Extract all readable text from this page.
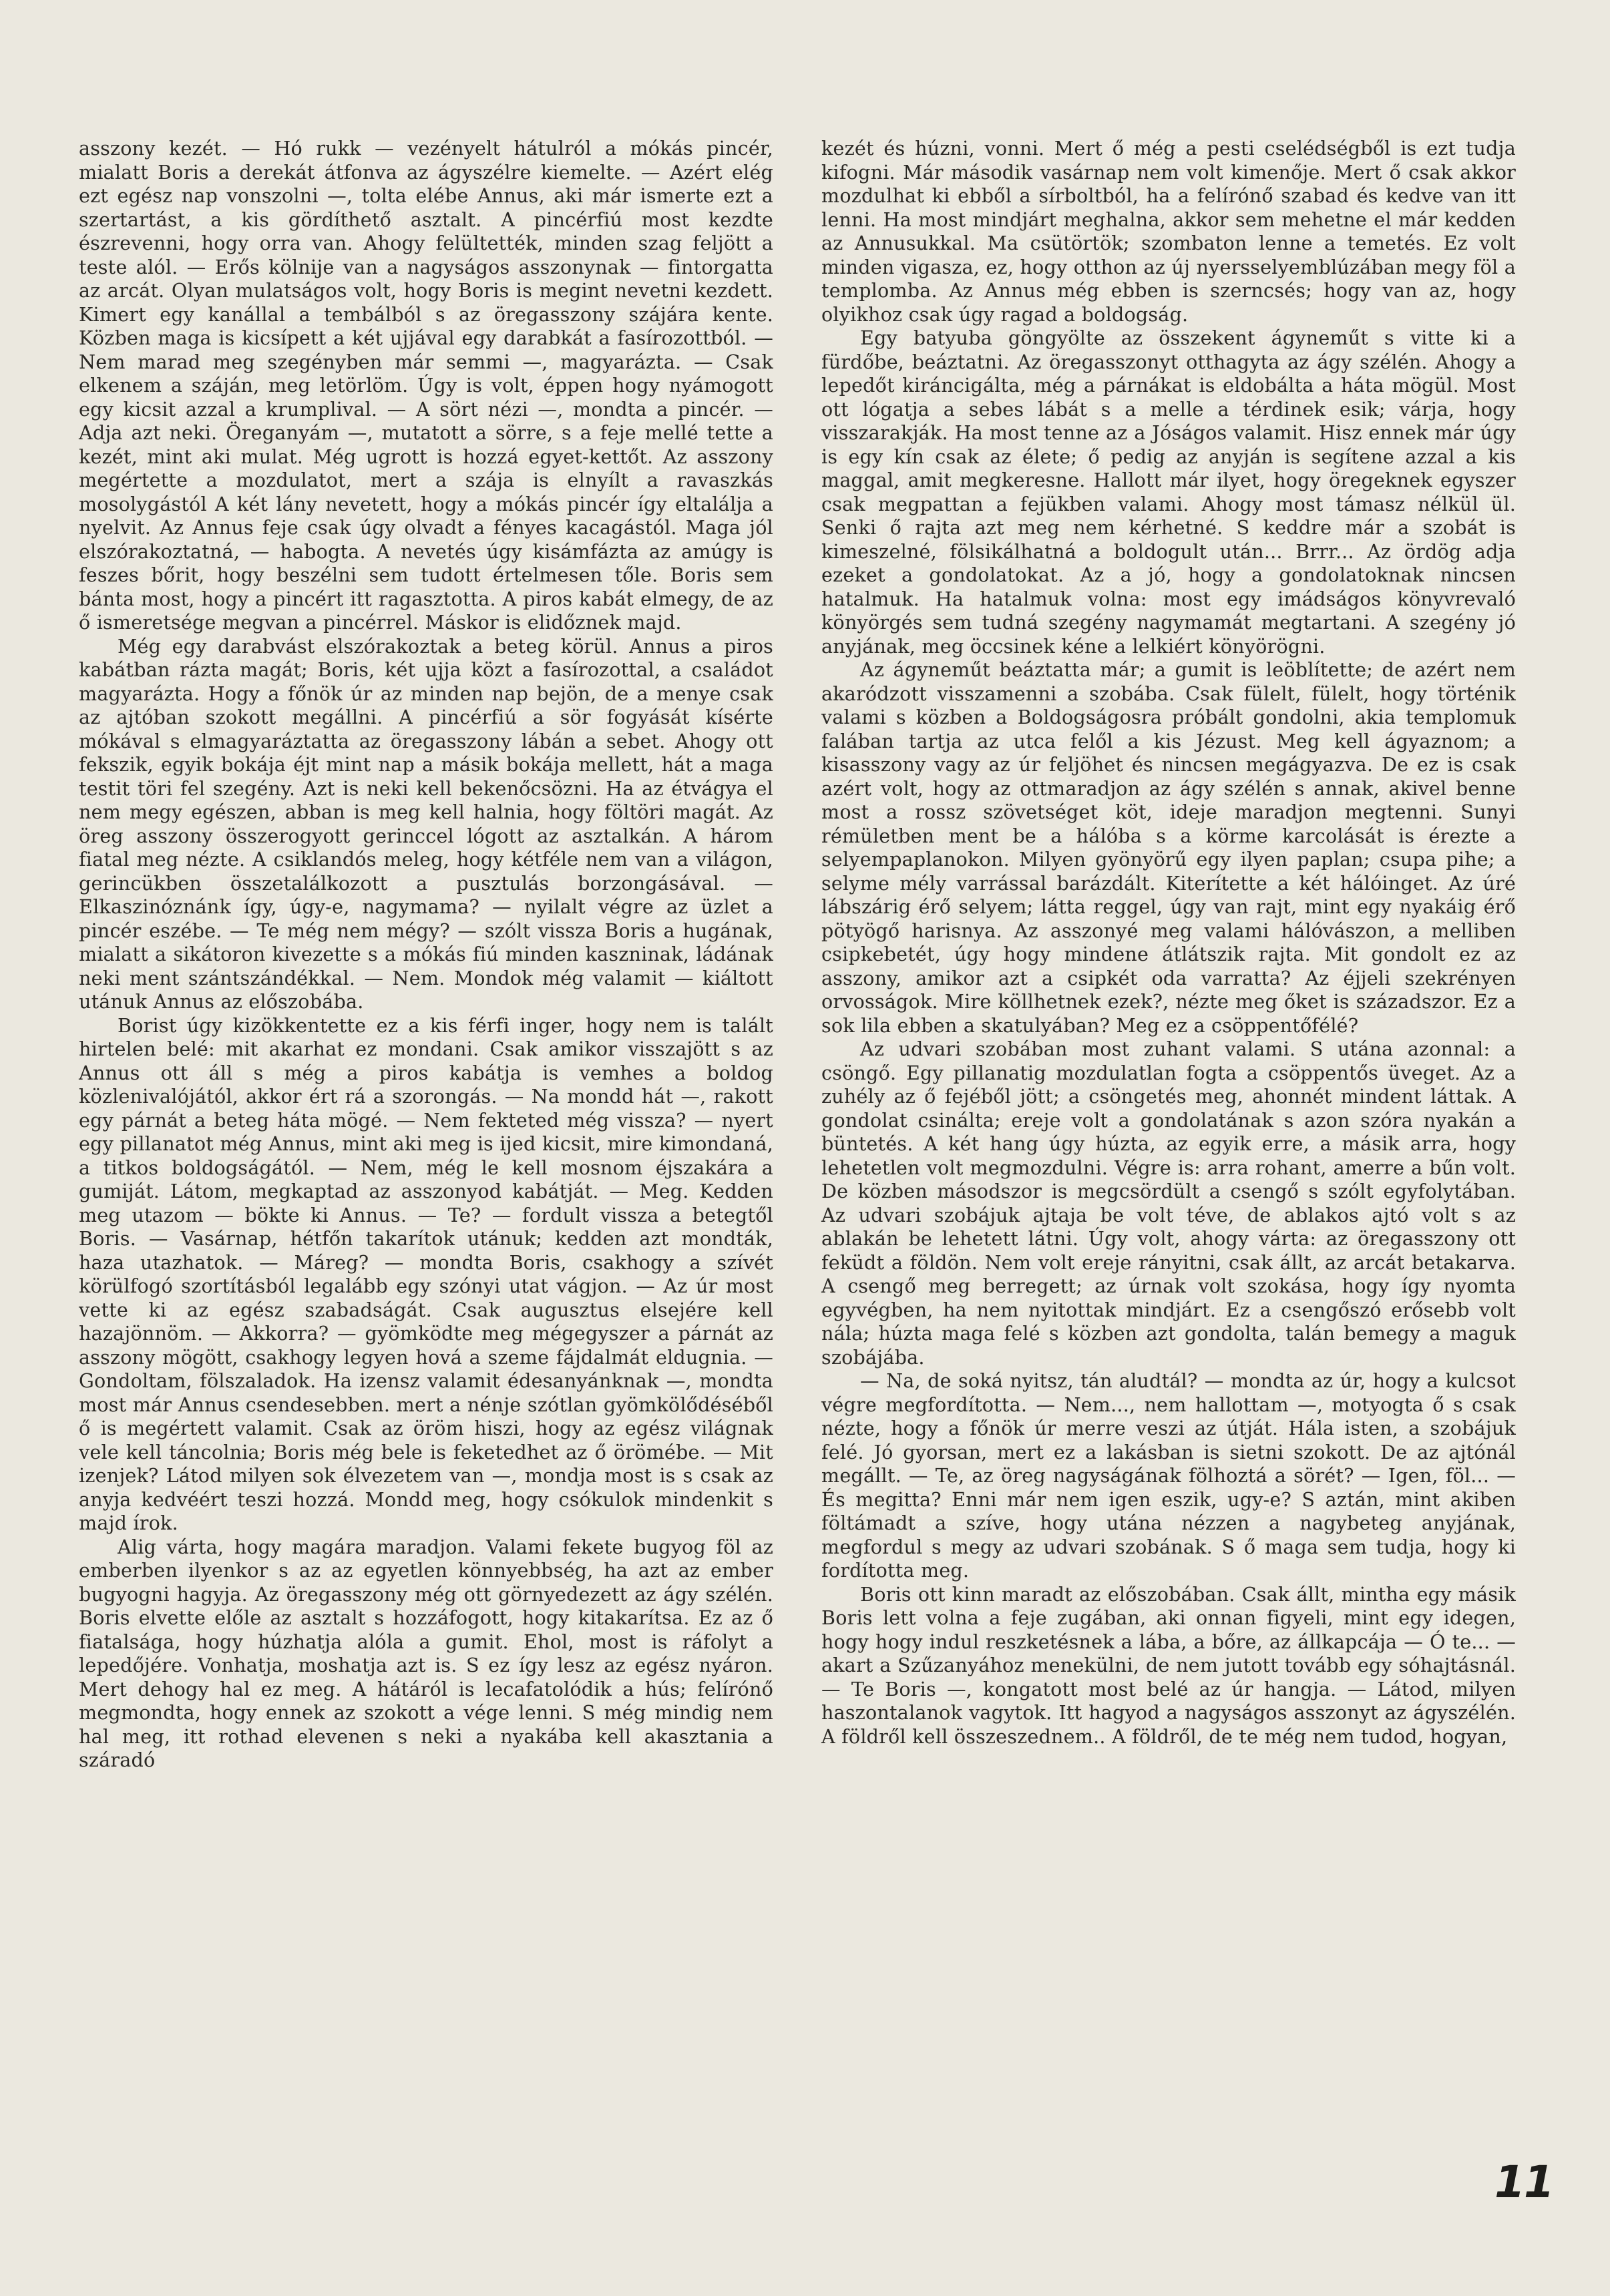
asszony kezét. — Hó rukk — vezényelt hátulról a mókás pincér, mialatt Boris a derekát átfonva az ágyszélre kiemelte. — Azért elég ezt egész nap vonszolni —, tolta elébe Annus, aki már ismerte ezt a szertartást, a kis gördíthető asztalt. A pincérfiú most kezdte észrevenni, hogy orra van. Ahogy felültették, minden szag feljött a teste alól. — Erős kölnije van a nagyságos asszonynak — fintorgatta az arcát. Olyan mulatságos volt, hogy Boris is megint nevetni kezdett. Kimert egy kanállal a tembálból s az öregasszony szájára kente. Közben maga is kicsípett a két ujjával egy darabkát a fasírozottból. — Nem marad meg szegényben már semmi —, magyarázta. — Csak elkenem a száján, meg letörlöm. Úgy is volt, éppen hogy nyámogott egy kicsit azzal a krumplival. — A sört nézi —, mondta a pincér. — Adja azt neki. Öreganyám —, mutatott a sörre, s a feje mellé tette a kezét, mint aki mulat. Még ugrott is hozzá egyet-kettőt. Az asszony megértette a mozdulatot, mert a szája is elnyílt a ravaszkás mosolygástól A két lány nevetett, hogy a mókás pincér így eltalálja a nyelvit. Az Annus feje csak úgy olvadt a fényes kacagástól. Maga jól elszórakoztatná, — habogta. A nevetés úgy kisámfázta az amúgy is feszes bőrit, hogy beszélni sem tudott értelmesen tőle. Boris sem bánta most, hogy a pincért itt ragasztotta. A piros kabát elmegy, de az ő ismeretsége megvan a pincérrel. Máskor is elidőznek majd.

Még egy darabvást elszórakoztak a beteg körül. Annus a piros kabátban rázta magát; Boris, két ujja közt a fasírozottal, a családot magyarázta. Hogy a főnök úr az minden nap bejön, de a menye csak az ajtóban szokott megállni. A pincérfiú a sör fogyását kísérte mókával s elmagyaráztatta az öregasszony lábán a sebet. Ahogy ott fekszik, egyik bokája éjt mint nap a másik bokája mellett, hát a maga testit töri fel szegény. Azt is neki kell bekenőcsözni. Ha az étvágya el nem megy egészen, abban is meg kell halnia, hogy föltöri magát. Az öreg asszony összerogyott gerinccel lógott az asztalkán. A három fiatal meg nézte. A csiklandós meleg, hogy kétféle nem van a világon, gerincükben összetalálkozott a pusztulás borzongásával. — Elkaszinóznánk így, úgy-e, nagymama? — nyilalt végre az üzlet a pincér eszébe. — Te még nem mégy? — szólt vissza Boris a hugának, mialatt a sikátoron kivezette s a mókás fiú minden kaszninak, ládának neki ment szántszándékkal. — Nem. Mondok még valamit — kiáltott utánuk Annus az előszobába.

Borist úgy kizökkentette ez a kis férfi inger, hogy nem is talált hirtelen belé: mit akarhat ez mondani. Csak amikor visszajött s az Annus ott áll s még a piros kabátja is vemhes a boldog közlenivalójától, akkor ért rá a szorongás. — Na mondd hát —, rakott egy párnát a beteg háta mögé. — Nem fekteted még vissza? — nyert egy pillanatot még Annus, mint aki meg is ijed kicsit, mire kimondaná, a titkos boldogságától. — Nem, még le kell mosnom éjszakára a gumiját. Látom, megkaptad az asszonyod kabátját. — Meg. Kedden meg utazom — bökte ki Annus. — Te? — fordult vissza a betegtől Boris. — Vasárnap, hétfőn takarítok utánuk; kedden azt mondták, haza utazhatok. — Máreg? — mondta Boris, csakhogy a szívét körülfogó szortításból legalább egy szónyi utat vágjon. — Az úr most vette ki az egész szabadságát. Csak augusztus elsejére kell hazajönnöm. — Akkorra? — gyömködte meg mégegyszer a párnát az asszony mögött, csakhogy legyen hová a szeme fájdalmát eldugnia. — Gondoltam, fölszaladok. Ha izensz valamit édesanyánknak —, mondta most már Annus csendesebben. mert a nénje szótlan gyömkölődéséből ő is megértett valamit. Csak az öröm hiszi, hogy az egész világnak vele kell táncolnia; Boris még bele is feketedhet az ő örömébe. — Mit izenjek? Látod milyen sok élvezetem van —, mondja most is s csak az anyja kedvéért teszi hozzá. Mondd meg, hogy csókulok mindenkit s majd írok.

Alig várta, hogy magára maradjon. Valami fekete bugyog föl az emberben ilyenkor s az az egyetlen könnyebbség, ha azt az ember bugyogni hagyja. Az öregasszony még ott görnyedezett az ágy szélén. Boris elvette előle az asztalt s hozzáfogott, hogy kitakarítsa. Ez az ő fiatalsága, hogy húzhatja alóla a gumit. Ehol, most is ráfolyt a lepedőjére. Vonhatja, moshatja azt is. S ez így lesz az egész nyáron. Mert dehogy hal ez meg. A hátáról is lecafatolódik a hús; felírónő megmondta, hogy ennek az szokott a vége lenni. S még mindig nem hal meg, itt rothad elevenen s neki a nyakába kell akasztania a száradó

kezét és húzni, vonni. Mert ő még a pesti cselédségből is ezt tudja kifogni. Már második vasárnap nem volt kimenője. Mert ő csak akkor mozdulhat ki ebből a sírboltból, ha a felírónő szabad és kedve van itt lenni. Ha most mindjárt meghalna, akkor sem mehetne el már kedden az Annusukkal. Ma csütörtök; szombaton lenne a temetés. Ez volt minden vigasza, ez, hogy otthon az új nyersselyemblúzában megy föl a templomba. Az Annus még ebben is szerncsés; hogy van az, hogy olyikhoz csak úgy ragad a boldogság.

Egy batyuba göngyölte az összekent ágyneműt s vitte ki a fürdőbe, beáztatni. Az öregasszonyt otthagyta az ágy szélén. Ahogy a lepedőt kiráncigálta, még a párnákat is eldobálta a háta mögül. Most ott lógatja a sebes lábát s a melle a térdinek esik; várja, hogy visszarakják. Ha most tenne az a Jóságos valamit. Hisz ennek már úgy is egy kín csak az élete; ő pedig az anyján is segítene azzal a kis maggal, amit megkeresne. Hallott már ilyet, hogy öregeknek egyszer csak megpattan a fejükben valami. Ahogy most támasz nélkül ül. Senki ő rajta azt meg nem kérhetné. S keddre már a szobát is kimeszelné, fölsikálhatná a boldogult után... Brrr... Az ördög adja ezeket a gondolatokat. Az a jó, hogy a gondolatoknak nincsen hatalmuk. Ha hatalmuk volna: most egy imádságos könyvrevaló könyörgés sem tudná szegény nagymamát megtartani. A szegény jó anyjának, meg öccsinek kéne a lelkiért könyörögni.

Az ágyneműt beáztatta már; a gumit is leöblítette; de azért nem akaródzott visszamenni a szobába. Csak fülelt, fülelt, hogy történik valami s közben a Boldogságosra próbált gondolni, akia templomuk falában tartja az utca felől a kis Jézust. Meg kell ágyaznom; a kisasszony vagy az úr feljöhet és nincsen megágyazva. De ez is csak azért volt, hogy az ottmaradjon az ágy szélén s annak, akivel benne most a rossz szövetséget köt, ideje maradjon megtenni. Sunyi rémületben ment be a hálóba s a körme karcolását is érezte a selyempaplanokon. Milyen gyönyörű egy ilyen paplan; csupa pihe; a selyme mély varrással barázdált. Kiterítette a két hálóinget. Az úré lábszárig érő selyem; látta reggel, úgy van rajt, mint egy nyakáig érő pötyögő harisnya. Az asszonyé meg valami hálóvászon, a melliben csipkebetét, úgy hogy mindene átlátszik rajta. Mit gondolt ez az asszony, amikor azt a csipkét oda varratta? Az éjjeli szekrényen orvosságok. Mire köllhetnek ezek?, nézte meg őket is századszor. Ez a sok lila ebben a skatulyában? Meg ez a csöppentőfélé?

Az udvari szobában most zuhant valami. S utána azonnal: a csöngő. Egy pillanatig mozdulatlan fogta a csöppentős üveget. Az a zuhély az ő fejéből jött; a csöngetés meg, ahonnét mindent láttak. A gondolat csinálta; ereje volt a gondolatának s azon szóra nyakán a büntetés. A két hang úgy húzta, az egyik erre, a másik arra, hogy lehetetlen volt megmozdulni. Végre is: arra rohant, amerre a bűn volt. De közben másodszor is megcsördült a csengő s szólt egyfolytában. Az udvari szobájuk ajtaja be volt téve, de ablakos ajtó volt s az ablakán be lehetett látni. Úgy volt, ahogy várta: az öregasszony ott feküdt a földön. Nem volt ereje rányitni, csak állt, az arcát betakarva. A csengő meg berregett; az úrnak volt szokása, hogy így nyomta egyvégben, ha nem nyitottak mindjárt. Ez a csengőszó erősebb volt nála; húzta maga felé s közben azt gondolta, talán bemegy a maguk szobájába.

— Na, de soká nyitsz, tán aludtál? — mondta az úr, hogy a kulcsot végre megfordította. — Nem..., nem hallottam —, motyogta ő s csak nézte, hogy a főnök úr merre veszi az útját. Hála isten, a szobájuk felé. Jó gyorsan, mert ez a lakásban is sietni szokott. De az ajtónál megállt. — Te, az öreg nagyságának fölhoztá a sörét? — Igen, föl... — És megitta? Enni már nem igen eszik, ugy-e? S aztán, mint akiben föltámadt a szíve, hogy utána nézzen a nagybeteg anyjának, megfordul s megy az udvari szobának. S ő maga sem tudja, hogy ki fordította meg.

Boris ott kinn maradt az előszobában. Csak állt, mintha egy másik Boris lett volna a feje zugában, aki onnan figyeli, mint egy idegen, hogy hogy indul reszketésnek a lába, a bőre, az állkapcája — Ó te... — akart a Szűzanyához menekülni, de nem jutott tovább egy sóhajtásnál. — Te Boris —, kongatott most belé az úr hangja. — Látod, milyen haszontalanok vagytok. Itt hagyod a nagyságos asszonyt az ágyszélén. A földről kell összeszednem.. A földről, de te még nem tudod, hogyan,

11
